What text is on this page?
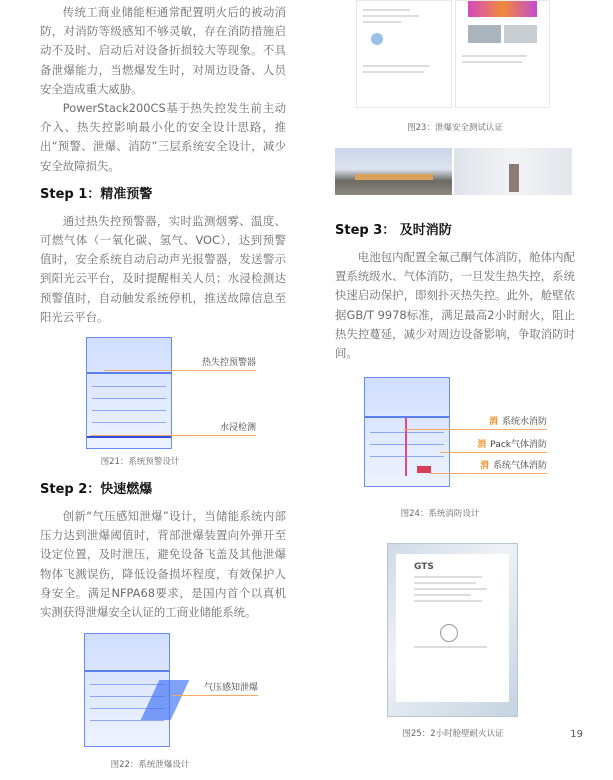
传统工商业储能柜通常配置明火后的被动消防，对消防等级感知不够灵敏，存在消防措施启动不及时、启动后对设备折损较大等现象。不具备泄爆能力，当燃爆发生时，对周边设备、人员安全造成重大威胁。
PowerStack200CS基于热失控发生前主动介入、热失控影响最小化的安全设计思路，推出“预警、泄爆、消防”三层系统安全设计，减少安全故障损失。
Step 1：精准预警
通过热失控预警器，实时监测烟雾、温度、可燃气体（一氧化碳、氢气、VOC），达到预警值时，安全系统自动启动声光报警器，发送警示到阳光云平台，及时提醒相关人员；水浸检测达预警值时，自动触发系统停机，推送故障信息至阳光云平台。
热失控预警器
水浸检测
图21：系统预警设计
Step 2：快速燃爆
创新“气压感知泄爆”设计，当储能系统内部压力达到泄爆阈值时，背部泄爆装置向外弹开至设定位置，及时泄压，避免设备飞盖及其他泄爆物体飞溅误伤，降低设备损坏程度，有效保护人身安全。满足NFPA68要求，是国内首个以真机实测获得泄爆安全认证的工商业储能系统。
气压感知泄爆
图22：系统泄爆设计
图23：泄爆安全测试认证
Step 3： 及时消防
电池包内配置全氟己酮气体消防，舱体内配置系统级水、气体消防，一旦发生热失控，系统快速启动保护，即刻扑灭热失控。此外，舱壁依据GB/T 9978标准，满足最高2小时耐火，阻止热失控蔓延，减少对周边设备影响，争取消防时间。
消 系统水消防
消 Pack气体消防
消 系统气体消防
图24：系统消防设计
GTS
图25：2小时舱壁耐火认证	19
